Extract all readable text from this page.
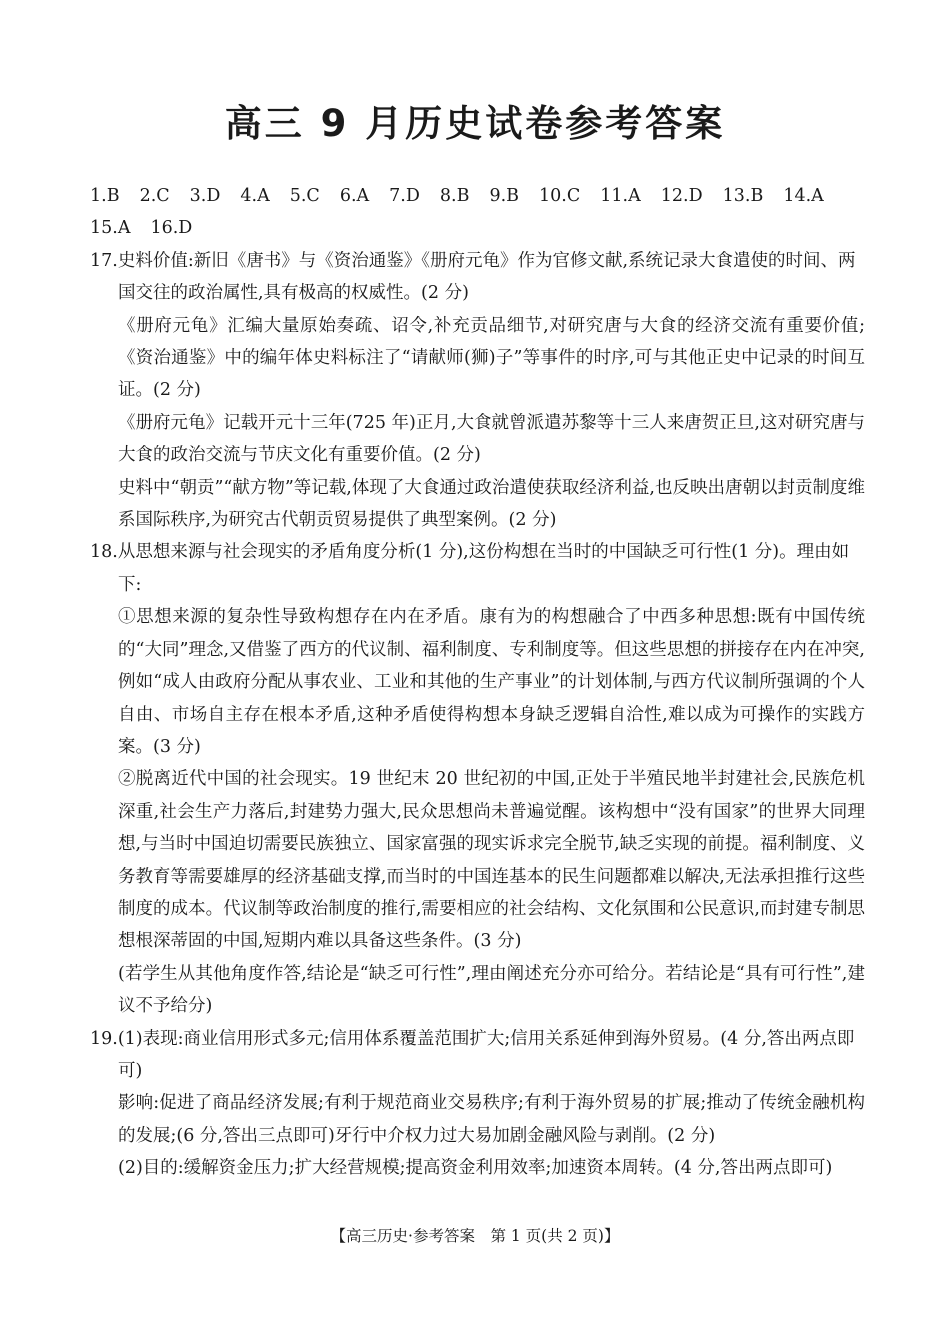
高三 9 月历史试卷参考答案
1.B 2.C 3.D 4.A 5.C 6.A 7.D 8.B 9.B 10.C 11.A 12.D 13.B 14.A
15.A 16.D
17.史料价值:新旧《唐书》与《资治通鉴》《册府元龟》作为官修文献,系统记录大食遣使的时间、两国交往的政治属性,具有极高的权威性。(2 分)
《册府元龟》汇编大量原始奏疏、诏令,补充贡品细节,对研究唐与大食的经济交流有重要价值;《资治通鉴》中的编年体史料标注了“请献师(狮)子”等事件的时序,可与其他正史中记录的时间互证。(2 分)
《册府元龟》记载开元十三年(725 年)正月,大食就曾派遣苏黎等十三人来唐贺正旦,这对研究唐与大食的政治交流与节庆文化有重要价值。(2 分)
史料中“朝贡”“献方物”等记载,体现了大食通过政治遣使获取经济利益,也反映出唐朝以封贡制度维系国际秩序,为研究古代朝贡贸易提供了典型案例。(2 分)
18.从思想来源与社会现实的矛盾角度分析(1 分),这份构想在当时的中国缺乏可行性(1 分)。理由如下:
①思想来源的复杂性导致构想存在内在矛盾。康有为的构想融合了中西多种思想:既有中国传统的“大同”理念,又借鉴了西方的代议制、福利制度、专利制度等。但这些思想的拼接存在内在冲突,例如“成人由政府分配从事农业、工业和其他的生产事业”的计划体制,与西方代议制所强调的个人自由、市场自主存在根本矛盾,这种矛盾使得构想本身缺乏逻辑自洽性,难以成为可操作的实践方案。(3 分)
②脱离近代中国的社会现实。19 世纪末 20 世纪初的中国,正处于半殖民地半封建社会,民族危机深重,社会生产力落后,封建势力强大,民众思想尚未普遍觉醒。该构想中“没有国家”的世界大同理想,与当时中国迫切需要民族独立、国家富强的现实诉求完全脱节,缺乏实现的前提。福利制度、义务教育等需要雄厚的经济基础支撑,而当时的中国连基本的民生问题都难以解决,无法承担推行这些制度的成本。代议制等政治制度的推行,需要相应的社会结构、文化氛围和公民意识,而封建专制思想根深蒂固的中国,短期内难以具备这些条件。(3 分)
(若学生从其他角度作答,结论是“缺乏可行性”,理由阐述充分亦可给分。若结论是“具有可行性”,建议不予给分)
19.(1)表现:商业信用形式多元;信用体系覆盖范围扩大;信用关系延伸到海外贸易。(4 分,答出两点即可)
影响:促进了商品经济发展;有利于规范商业交易秩序;有利于海外贸易的扩展;推动了传统金融机构的发展;(6 分,答出三点即可)牙行中介权力过大易加剧金融风险与剥削。(2 分)
(2)目的:缓解资金压力;扩大经营规模;提高资金利用效率;加速资本周转。(4 分,答出两点即可)
【高三历史·参考答案　第 1 页(共 2 页)】
